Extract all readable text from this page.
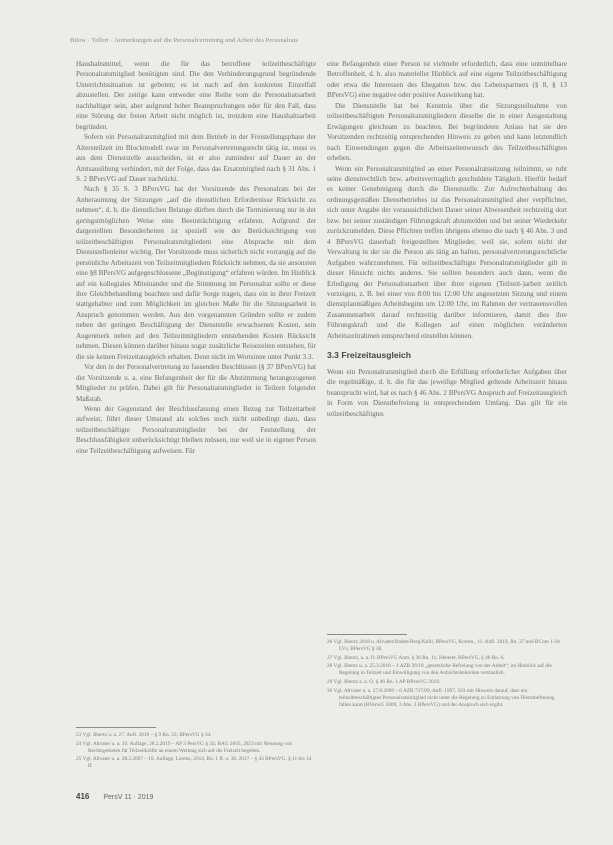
Bilow · Tellert · Anmerkungen auf die Personalvertretung und Arbeit des Personalrats

Haushaltsmittel, wenn die für das betroffene teilzeitbeschäftigte Personalratsmitglied benötigten sind. Die den Verhinderungsgrund begründende Unterrichtssituation ist geboten; es ist nach auf den konkreten Einzelfall abzustellen. Der zeitige kann entweder eine Reihe vom die Personalratsarbeit nachhaltiger sein, aber aufgrund hoher Beanspruchungen oder für den Fall, dass eine Störung der freien Arbeit nicht möglich ist, trotzdem eine Haushaltsarbeit begründen.

Sofern ein Personalratsmitglied mit dem Betrieb in der Freistellungsphase der Altersteilzeit im Blockmodell zwar im Personalvertretungsrecht tätig ist, muss es aus dem Dienststelle ausscheiden, ist er also zumindest auf Dauer an der Amtsausübung verhindert, mit der Folge, dass das Ersatzmitglied nach § 31 Abs. 1 S. 2 BPersVG auf Dauer nachrückt.

Nach § 35 S. 3 BPersVG hat der Vorsitzende des Personalrats bei der Anberaumung der Sitzungen „auf die dienstlichen Erfordernisse Rücksicht zu nehmen“, d. h. die dienstlichen Belange dürften durch die Terminierung nur in der geringstmöglichen Weise eine Beeinträchtigung erfahren. Aufgrund der dargestellten Besonderheiten ist speziell wie der Berücksichtigung von teilzeitbeschäftigten Personalratsmitgliedern eine Absprache mit dem Dienststellenleiter wichtig. Der Vorsitzende muss sicherlich nicht vorrangig auf die persönliche Arbeitszeit von Teilzeitmitgliedern Rücksicht nehmen, da sie ansonsten eine §8 BPersVG aufgegeschlossene „Begünstigung“ erfahren würden. Im Hinblick auf ein kollegiales Miteinander und die Stimmung im Personalrat sollte er diese ihre Gleichbehandlung beachten und dafür Sorge tragen, dass ein in ihrer Freizeit stattgehabter und zum Möglichkeit im gleichen Maße für die Sitzungsarbeit in Anspruch genommen werden. Aus den vorgenannten Gründen sollte er zudem neben der geringen Beschäftigung der Dienststelle erwachsenen Kosten, sein Augenmerk neben auf den Teilzeitmitgliedern entstehenden Kosten Rücksicht nehmen. Diesen können darüber hinaus sogar zusätzliche Reisezeiten entstehen, für die sie keinen Freizeitausgleich erhalten. Denn nicht im Wortsinne unter Punkt 3.3.

Vor den in der Personalvertretung zu fassenden Beschlüssen (§ 37 BPersVG) hat der Vorsitzende u. a. eine Befangenheit der für die Abstimmung herangezogenen Mitglieder zu prüfen. Dabei gilt für Personalratsmitglieder in Teilzeit folgender Maßstab.

Wenn der Gegenstand der Beschlussfassung einen Bezug zur Teilzeitarbeit aufweist, führt dieser Umstand als solches noch nicht unbedingt dazu, dass teilzeitbeschäftigte Personalratsmitglieder bei der Feststellung der Beschlussfähigkeit unberücksichtigt bleiben müssen, nur weil sie in eigener Person eine Teilzeitbeschäftigung aufweisen. Für

eine Befangenheit einer Person ist vielmehr erforderlich, dass eine unmittelbare Betroffenheit, d. h. also materieller Hinblick auf eine eigene Teilzeitbeschäftigung oder etwa die Interessen des Ehegatten bzw. des Lebenspartners (§ 8, § 13 BPersVG) eine negative oder positive Auswirkung hat.

Die Dienststelle hat bei Kenntnis über die Sitzungsteilnahme von teilzeitbeschäftigten Personalratsmitgliedern dieselbe die in einer Ausgestaltung Erwägungen gleichsam zu beachten. Bei begründeten Anlass hat sie den Vorsitzenden rechtzeitig entsprechenden Hinweis zu geben und kann letztendlich nach Einwendungen gegen die Arbeitszeitenwunsch des Teilzeitbeschäftigten erheben.

Wenn ein Personalratsmitglied an einer Personalratssitzung teilnimmt, so ruht seine dienstrechtlich bzw. arbeitsvertraglich geschuldete Tätigkeit. Hierfür bedarf es keiner Genehmigung durch die Dienststelle. Zur Aufrechterhaltung des ordnungsgemäßen Dienstbetriebes ist das Personalratsmitglied aber verpflichtet, sich unter Angabe der voraussichtlichen Dauer seiner Abwesenheit rechtzeitig dort bzw. bei seiner zuständigen Führungskraft abzumelden und bei seiner Wiederkehr zurückzumelden. Diese Pflichten treffen übrigens ebenso die nach § 46 Abs. 3 und 4 BPersVG dauerhaft freigestellten Mitglieder, weil sie, sofern nicht der Verwaltung in der sie die Person als tätig an halten, personalvertretungsrechtliche Aufgaben wahrzunehmen. Für teilzeitbeschäftigte Personalratsmitglieder gilt in dieser Hinsicht nichts anderes. Sie sollten besonders auch dann, wenn die Erledigung der Personalratsarbeit über ihrer eigenen (Teilzeit-)arbeit zeitlich vorzeigen, z. B. bei einer von 8:00 bis 12:00 Uhr angesetzten Sitzung und einem dienstplanmäßigen Arbeitsbeginn um 12:00 Uhr, im Rahmen der vertrauensvollen Zusammenarbeit darauf rechtzeitig darüber informieren, damit dies ihre Führungskraft und die Kollegen auf einen möglichen veränderten Arbeitszeitrahmen entsprechend einstellen können.

3.3 Freizeitausgleich

Wenn ein Personalratsmitglied durch die Erfüllung erforderlicher Aufgaben über die regelmäßige, d. h. die für das jeweilige Mitglied geltende Arbeitszeit hinaus beansprucht wird, hat es nach § 46 Abs. 2 BPersVG Anspruch auf Freizeitausgleich in Form von Dienstbefreiung in entsprechendem Umfang. Das gilt für ein teilzeitbeschäftigtes

26 Vgl. Ilbertz 2018 u. Altvater/Baden/Berg/Kröll, BPersVG, Komm., 11. Aufl. 2019, Rn. 37 und BCom 1-34 LVs, BPersVG § 38.

27 Vgl. Ilbertz, a. a. O. BPersVG Anm. § 38 Rn. 11; Hebeler, BPersVG, § 46 Rn. 6.

28 Vgl. Ilbertz u. a. 25.3.2018 – 1 AZR 26/18 „gesetzliche Befreiung von der Arbeit“; im Hinblick auf die Regelung in Teilzeit und Einwilligung von den Aufsichtsbehörden vertraulich.

29 Vgl. Ilbertz a. a. O. § 46 Rn. 1 AP BPersVG 2019.

30 Vgl. Altvater u. a. 27.8.2009 – 6 AZR 737/09, Aufl. 1997, 503 mit Hinweis darauf, dass ein teilzeitbeschäftigtes Personalratsmitglied nicht unter die Regelung zu Entlastung von Dienstbefreiung fallen kann (BVerwG 2009, 3 Abs. 3 BPersVG) und der Anspruch sich ergibt.

23 Vgl. Ilbertz u. a. 27. Aufl. 2018 – § 9 Rn. 33; BPersVG § 34.

24 Vgl. Altvater u. a. 10. Auflage, 28.3.2019 – AP 3 PersVG § 34; BAG 2005, 2023 mit Nennung von Rechtsgebieten für Teilzeitkräfte an einem Werktag sich auf die Freizeit begeben.

25 Vgl. Altvater u. a. 28.3.2007 – 10. Auflage, Lorenz, 2014, Rn. 1 ff. u. 30. 2017 – § 43 BPersVG. § 11 bis 14 ff.

416 PersV 11 · 2019
